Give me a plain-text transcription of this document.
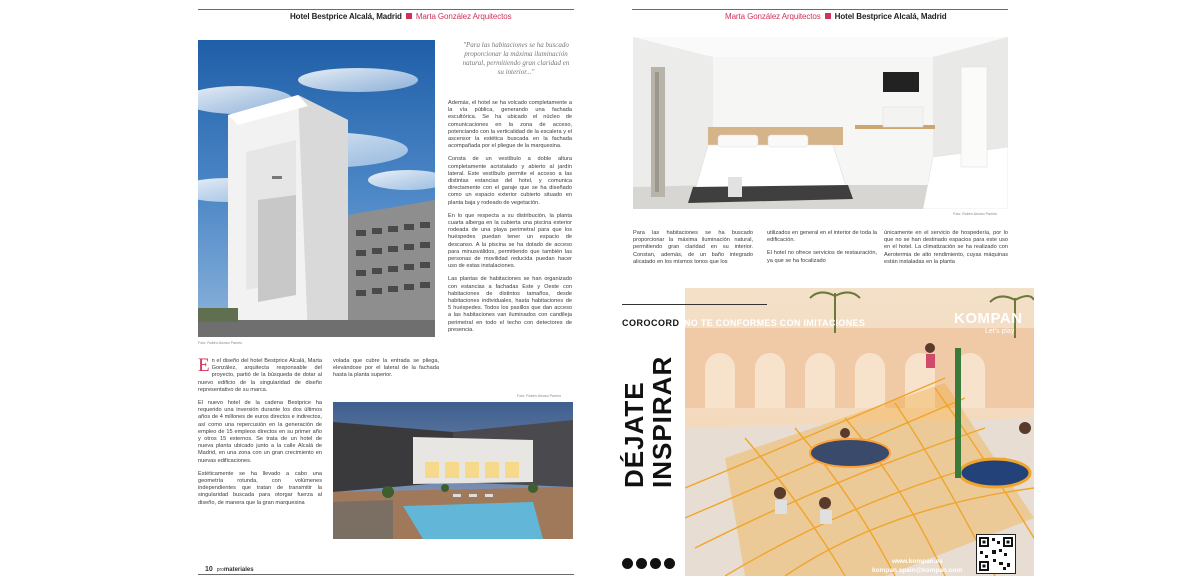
Hotel Bestprice Alcalá, Madrid Marta González Arquitectos
Foto: Rubén Alonso Pamiro
"Para las habitaciones se ha buscado proporcionar la máxima iluminación natural, permitiendo gran claridad en su interior..."

Además, el hotel se ha volcado completamente a la vía pública, generando una fachada escultórica. Se ha ubicado el núcleo de comunicaciones en la zona de acceso, potenciando con la verticalidad de la escalera y el ascensor la estética buscada en la fachada acompañada por el pliegue de la marquesina.

Consta de un vestíbulo a doble altura completamente acristalado y abierto al jardín lateral. Este vestíbulo permite el acceso a las distintas estancias del hotel, y comunica directamente con el garaje que se ha diseñado como un espacio exterior cubierto situado en planta baja y rodeado de vegetación.

En lo que respecta a su distribución, la planta cuarta alberga en la cubierta una piscina exterior rodeada de una playa perimetral para que los huéspedes puedan tener un espacio de descanso. A la piscina se ha dotado de acceso para minusválidos, permitiendo que también las personas de movilidad reducida puedan hacer uso de estas instalaciones.

Las plantas de habitaciones se han organizado con estancias a fachadas Este y Oeste con habitaciones de distintos tamaños, desde habitaciones individuales, hasta habitaciones de 5 huéspedes. Todos los pasillos que dan acceso a las habitaciones van iluminados con candileja perimetral en todo el techo con detectores de presencia.

En el diseño del hotel Bestprice Alcalá, Marta González, arquitecta responsable del proyecto, partió de la búsqueda de dotar al nuevo edificio de la singularidad de diseño representativo de su marca.

El nuevo hotel de la cadena Bestprice ha requerido una inversión durante los dos últimos años de 4 millones de euros directos e indirectos, así como una repercusión en la generación de empleo de 15 empleos directos en su primer año y otros 15 externos. Se trata de un hotel de nueva planta ubicado junto a la calle Alcalá de Madrid, en una zona con un gran crecimiento en nuevas edificaciones.

Estéticamente se ha llevado a cabo una geometría rotunda, con volúmenes independientes que tratan de transmitir la singularidad buscada para otorgar fuerza al diseño, de manera que la gran marquesina

volada que cubre la entrada se pliega, elevándose por el lateral de la fachada hasta la planta superior.

Foto: Rubén Alonso Pamiro
10 promateriales
Marta González Arquitectos Hotel Bestprice Alcalá, Madrid
Foto: Rubén Alonso Pamiro

Para las habitaciones se ha buscado proporcionar la máxima iluminación natural, permitiendo gran claridad en su interior. Constan, además, de un baño integrado alicatado en los mismos tonos que los

utilizados en general en el interior de toda la edificación.

El hotel no ofrece servicios de restauración, ya que se ha focalizado

únicamente en el servicio de hospedería, por lo que no se han destinado espacios para este uso en el hotel. La climatización se ha realizado con Aerotermia de alto rendimiento, cuyas máquinas están instaladas en la planta

COROCORD NO TE CONFORMES CON IMITACIONES
DÉJATE
INSPIRAR
KOMPAN
Let's play
www.kompan.es
kompan.spain@kompan.com
